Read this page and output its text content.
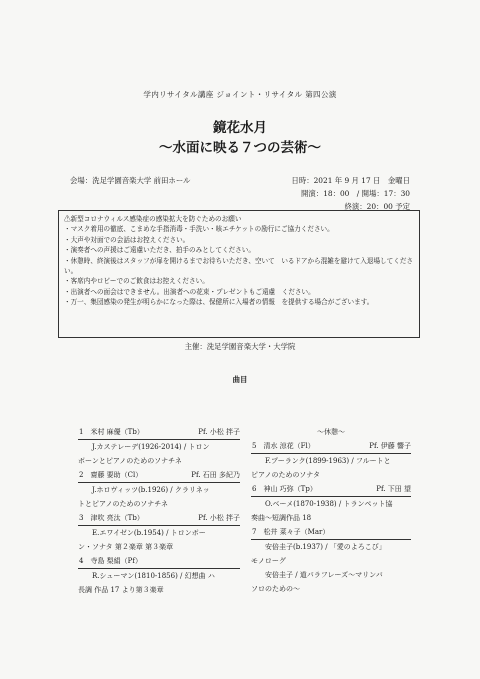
学内リサイタル講座 ジョイント・リサイタル 第四公演
鏡花水月
〜水面に映る７つの芸術〜
会場：洗足学園音楽大学 前田ホール	日時：2021 年 9 月 17 日　金曜日
開演：18：00　/ 開場：17：30
終演：20：00 予定
⚠新型コロナウィルス感染症の感染拡大を防ぐためのお願い
・マスク着用の徹底、こまめな手指消毒・手洗い・咳エチケットの励行にご協力ください。
・大声や対面での会話はお控えください。
・演奏者への声援はご遠慮いただき、拍手のみとしてください。
・休憩時、終演後はスタッフが扉を開けるまでお待ちいただき、空いて　いるドアから混雑を避けて入退場してください。
・客席内やロビーでのご飲食はお控えください。
・出演者への面会はできません。出演者への花束・プレゼントもご遠慮　ください。
・万一、集団感染の発生が明らかになった際は、保健所に入場者の情報　を提供する場合がございます。
主催：洗足学園音楽大学・大学院
曲目
1　米村 麻優（Tb）	Pf. 小松 拌子
J.カステレーデ(1926-2014) / トロン
ボーンとピアノのためのソナチネ
2　齋藤 要助（Cl）	Pf. 石田 多紀乃
J.ホロヴィッツ(b.1926) / クラリネッ
トとピアノのためのソナチネ
3　津吹 亮汰（Tb）	Pf. 小松 拌子
E.エワイゼン(b.1954) / トロンボー
ン・ソナタ 第２楽章 第３楽章
4　寺島 梨絹（Pf）
R.シューマン(1810-1856) / 幻想曲 ハ
長調 作品 17 より第３楽章
〜休憩〜
5　清水 涼花（Fl）	Pf. 伊藤 響子
F.プーランク(1899-1963) / フルートと
ピアノのためのソナタ
6　神山 巧弥（Tp）	Pf. 下田 望
O.ベーメ(1870-1938) / トランペット協
奏曲〜短調作品 18
7　松井 菜々子（Mar）
安倍圭子(b.1937) / 「愛のよろこび」
モノローグ
安倍圭子 / 道パラフレーズ〜マリンバ
ソロのための〜
